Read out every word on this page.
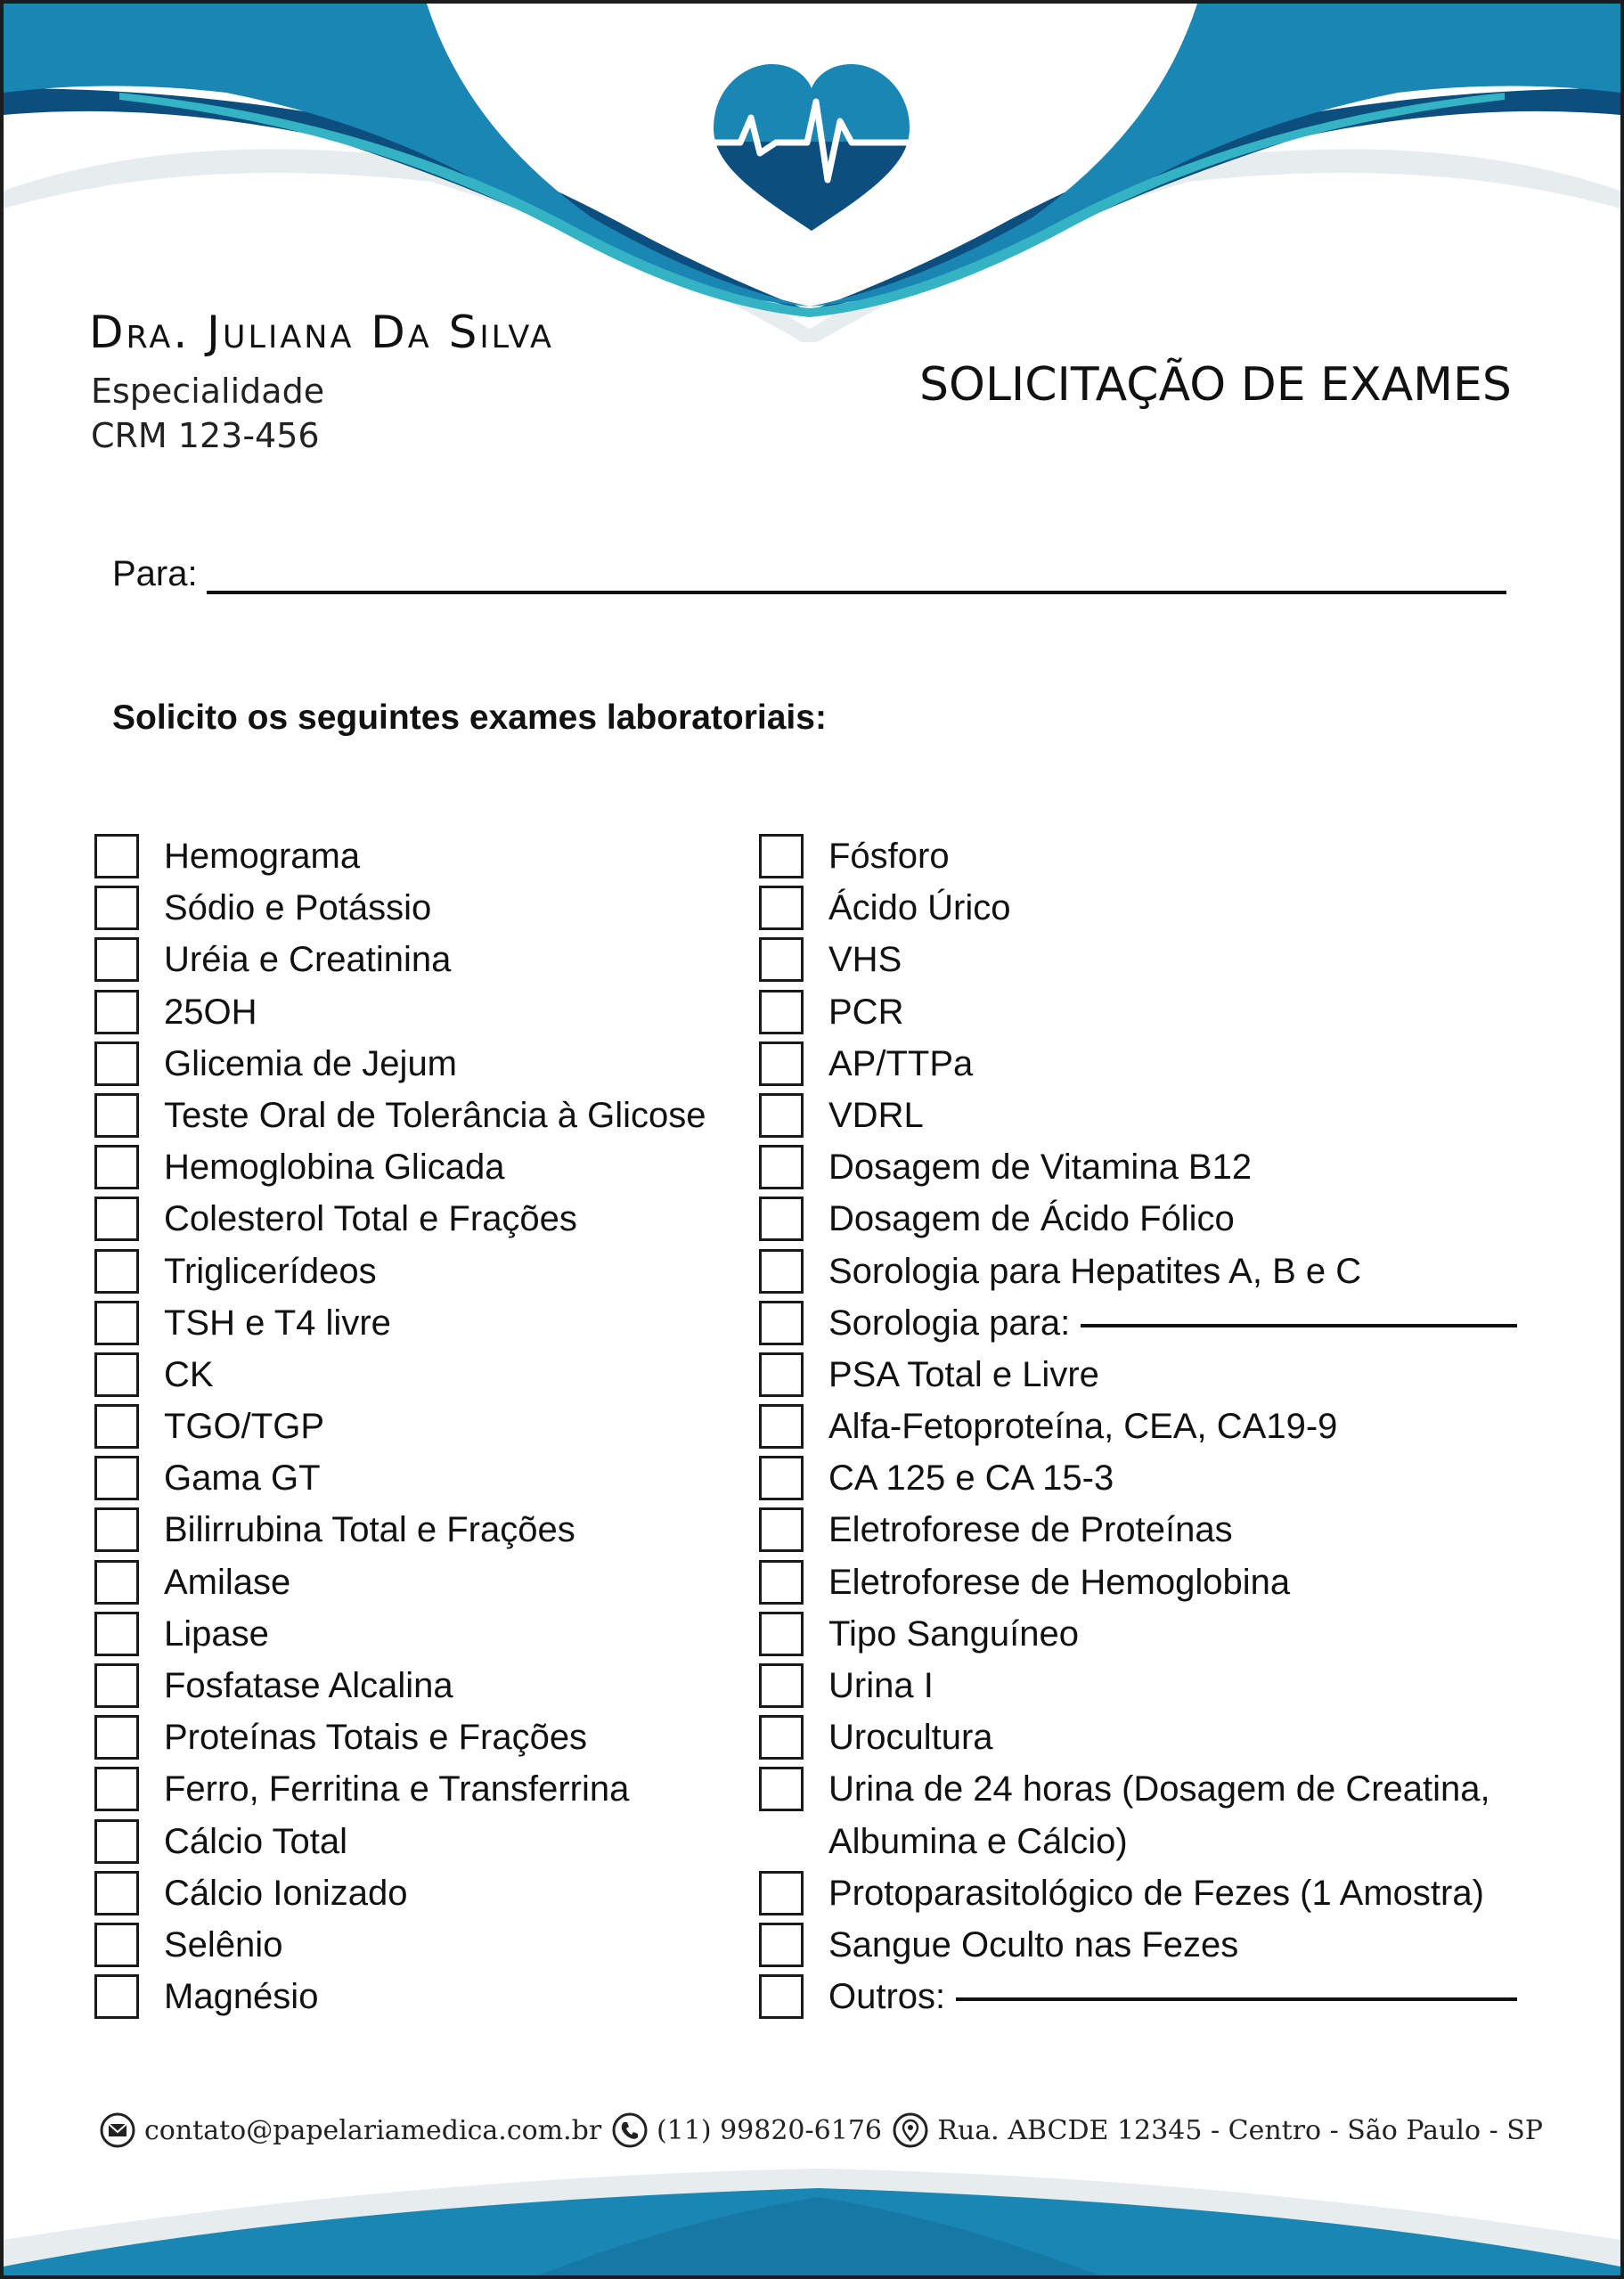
Dra. Juliana Da Silva

Especialidade

CRM 123-456

SOLICITAÇÃO DE EXAMES
Para:

Solicito os seguintes exames laboratoriais:

Hemograma
Sódio e Potássio
Uréia e Creatinina
25OH
Glicemia de Jejum
Teste Oral de Tolerância à Glicose
Hemoglobina Glicada
Colesterol Total e Frações
Triglicerídeos
TSH e T4 livre
CK
TGO/TGP
Gama GT
Bilirrubina Total e Frações
Amilase
Lipase
Fosfatase Alcalina
Proteínas Totais e Frações
Ferro, Ferritina e Transferrina
Cálcio Total
Cálcio Ionizado
Selênio
Magnésio
Fósforo
Ácido Úrico
VHS
PCR
AP/TTPa
VDRL
Dosagem de Vitamina B12
Dosagem de Ácido Fólico
Sorologia para Hepatites A, B e C
Sorologia para:
PSA Total e Livre
Alfa-Fetoproteína, CEA, CA19-9
CA 125 e CA 15-3
Eletroforese de Proteínas
Eletroforese de Hemoglobina
Tipo Sanguíneo
Urina I
Urocultura
Urina de 24 horas (Dosagem de Creatina, Albumina e Cálcio)
Protoparasitológico de Fezes (1 Amostra)
Sangue Oculto nas Fezes
Outros:
contato@papelariamedica.com.br (11) 99820-6176 Rua. ABCDE 12345 - Centro - São Paulo - SP
